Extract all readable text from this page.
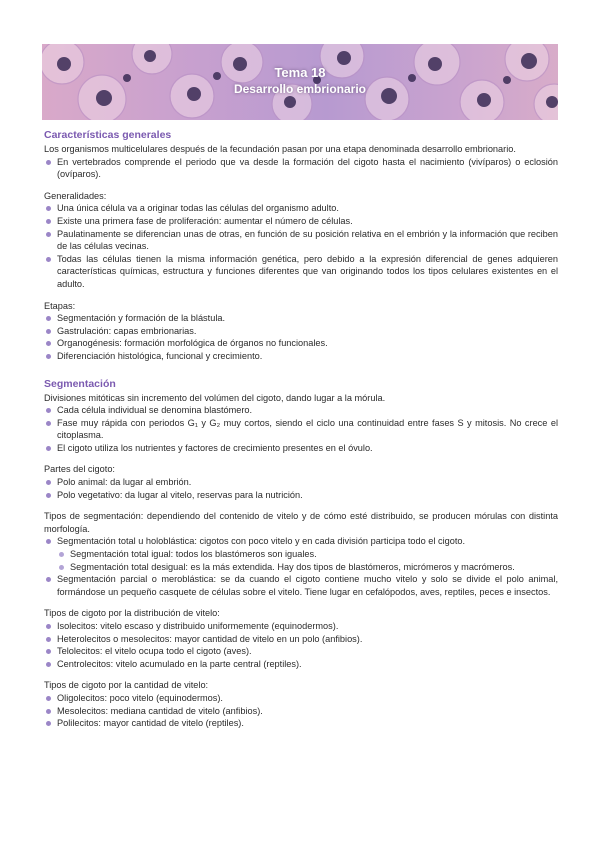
Tema 18
Desarrollo embrionario
Características generales

Los organismos multicelulares después de la fecundación pasan por una etapa denominada desarrollo embrionario.

En vertebrados comprende el periodo que va desde la formación del cigoto hasta el nacimiento (vivíparos) o eclosión (ovíparos).

Generalidades:

Una única célula va a originar todas las células del organismo adulto.
Existe una primera fase de proliferación: aumentar el número de células.
Paulatinamente se diferencian unas de otras, en función de su posición relativa en el embrión y la información que reciben de las células vecinas.
Todas las células tienen la misma información genética, pero debido a la expresión diferencial de genes adquieren características químicas, estructura y funciones diferentes que van originando todos los tipos celulares existentes en el adulto.

Etapas:

Segmentación y formación de la blástula.
Gastrulación: capas embrionarias.
Organogénesis: formación morfológica de órganos no funcionales.
Diferenciación histológica, funcional y crecimiento.
Segmentación

Divisiones mitóticas sin incremento del volúmen del cigoto, dando lugar a la mórula.

Cada célula individual se denomina blastómero.
Fase muy rápida con periodos G₁ y G₂ muy cortos, siendo el ciclo una continuidad entre fases S y mitosis. No crece el citoplasma.
El cigoto utiliza los nutrientes y factores de crecimiento presentes en el óvulo.

Partes del cigoto:

Polo animal: da lugar al embrión.
Polo vegetativo: da lugar al vitelo, reservas para la nutrición.

Tipos de segmentación: dependiendo del contenido de vitelo y de cómo esté distribuido, se producen mórulas con distinta morfología.

Segmentación total u holoblástica: cigotos con poco vitelo y en cada división participa todo el cigoto.
Segmentación total igual: todos los blastómeros son iguales.
Segmentación total desigual: es la más extendida. Hay dos tipos de blastómeros, micrómeros y macrómeros.
Segmentación parcial o meroblástica: se da cuando el cigoto contiene mucho vitelo y solo se divide el polo animal, formándose un pequeño casquete de células sobre el vitelo. Tiene lugar en cefalópodos, aves, reptiles, peces e insectos.

Tipos de cigoto por la distribución de vitelo:

Isolecitos: vitelo escaso y distribuido uniformemente (equinodermos).
Heterolecitos o mesolecitos: mayor cantidad de vitelo en un polo (anfibios).
Telolecitos: el vitelo ocupa todo el cigoto (aves).
Centrolecitos: vitelo acumulado en la parte central (reptiles).

Tipos de cigoto por la cantidad de vitelo:

Oligolecitos: poco vitelo (equinodermos).
Mesolecitos: mediana cantidad de vitelo (anfibios).
Polilecitos: mayor cantidad de vitelo (reptiles).
